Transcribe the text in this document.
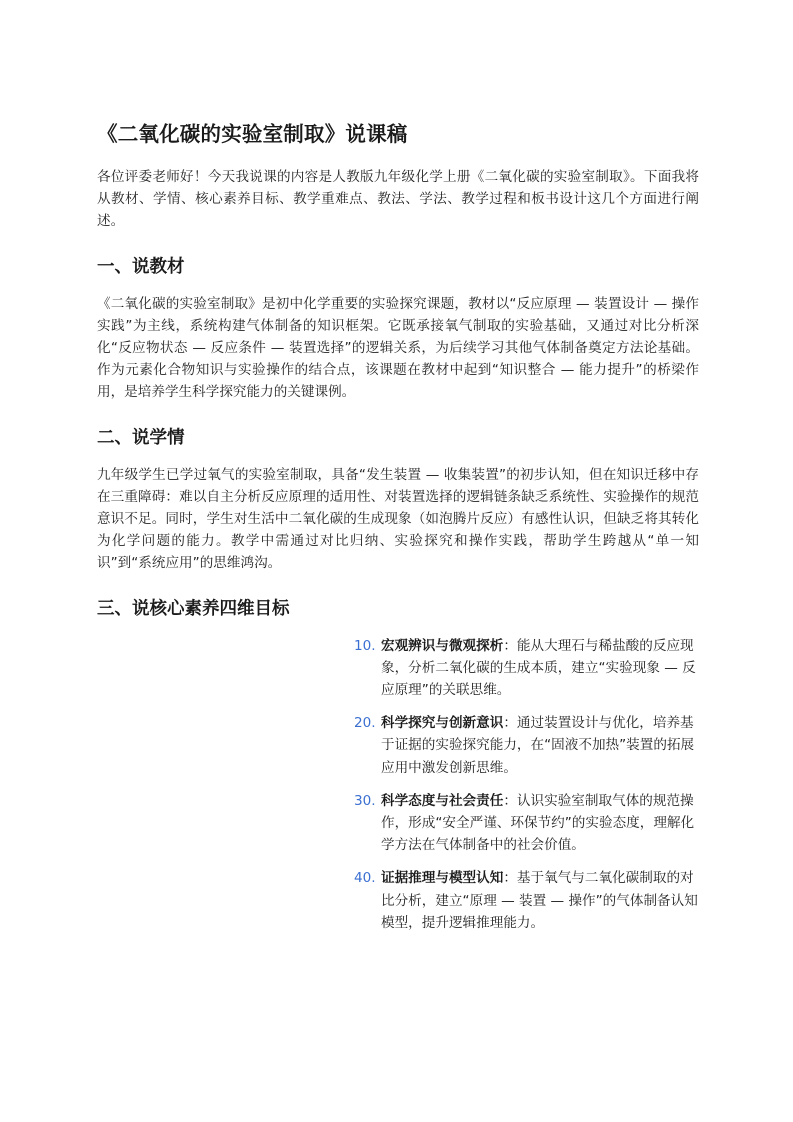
《二氧化碳的实验室制取》说课稿

各位评委老师好！今天我说课的内容是人教版九年级化学上册《二氧化碳的实验室制取》。下面我将从教材、学情、核心素养目标、教学重难点、教法、学法、教学过程和板书设计这几个方面进行阐述。

一、说教材

《二氧化碳的实验室制取》是初中化学重要的实验探究课题，教材以“反应原理 — 装置设计 — 操作实践”为主线，系统构建气体制备的知识框架。它既承接氧气制取的实验基础，又通过对比分析深化“反应物状态 — 反应条件 — 装置选择”的逻辑关系，为后续学习其他气体制备奠定方法论基础。作为元素化合物知识与实验操作的结合点，该课题在教材中起到“知识整合 — 能力提升”的桥梁作用，是培养学生科学探究能力的关键课例。

二、说学情

九年级学生已学过氧气的实验室制取，具备“发生装置 — 收集装置”的初步认知，但在知识迁移中存在三重障碍：难以自主分析反应原理的适用性、对装置选择的逻辑链条缺乏系统性、实验操作的规范意识不足。同时，学生对生活中二氧化碳的生成现象（如泡腾片反应）有感性认识，但缺乏将其转化为化学问题的能力。教学中需通过对比归纳、实验探究和操作实践，帮助学生跨越从“单一知识”到“系统应用”的思维鸿沟。

三、说核心素养四维目标
10. 宏观辨识与微观探析：能从大理石与稀盐酸的反应现象，分析二氧化碳的生成本质，建立“实验现象 — 反应原理”的关联思维。
20. 科学探究与创新意识：通过装置设计与优化，培养基于证据的实验探究能力，在“固液不加热”装置的拓展应用中激发创新思维。
30. 科学态度与社会责任：认识实验室制取气体的规范操作，形成“安全严谨、环保节约”的实验态度，理解化学方法在气体制备中的社会价值。
40. 证据推理与模型认知：基于氧气与二氧化碳制取的对比分析，建立“原理 — 装置 — 操作”的气体制备认知模型，提升逻辑推理能力。
